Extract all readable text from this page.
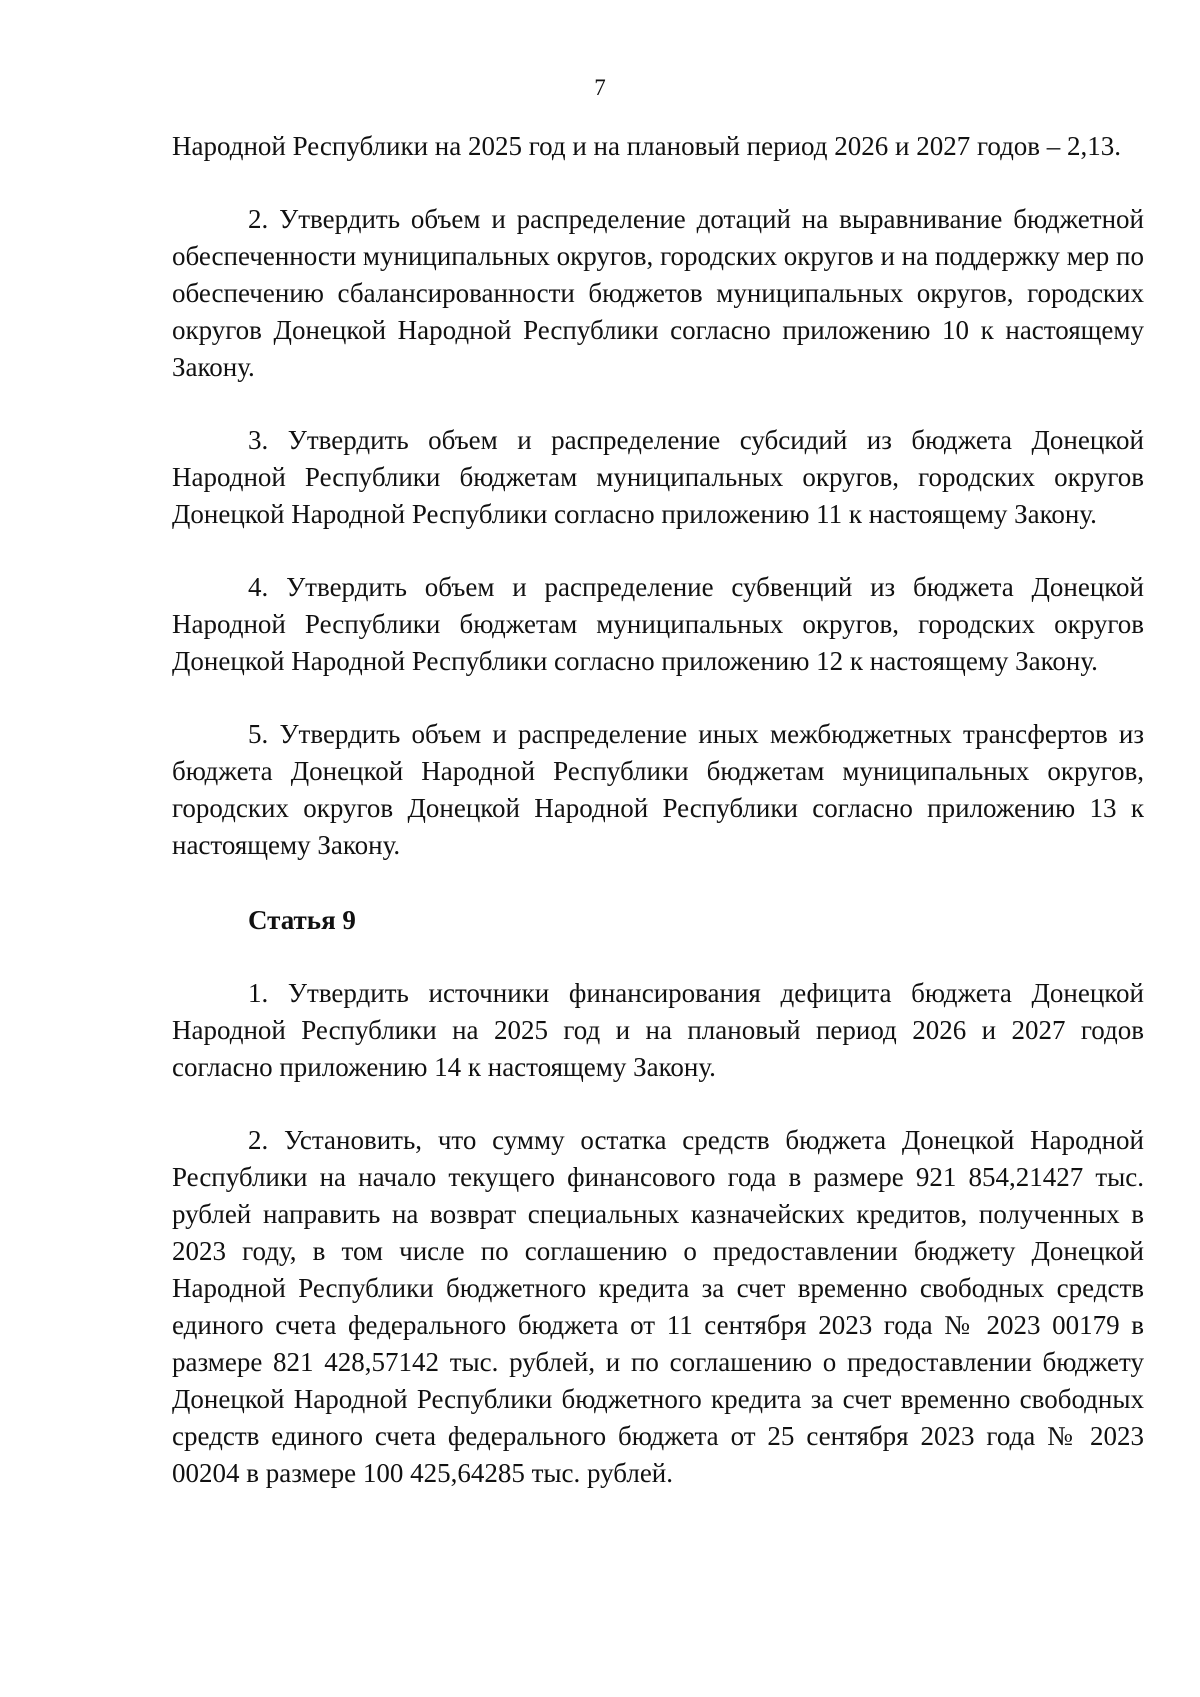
7

Народной Республики на 2025 год и на плановый период 2026 и 2027 годов – 2,13.

2. Утвердить объем и распределение дотаций на выравнивание бюджетной обеспеченности муниципальных округов, городских округов и на поддержку мер по обеспечению сбалансированности бюджетов муниципальных округов, городских округов Донецкой Народной Республики согласно приложению 10 к настоящему Закону.

3. Утвердить объем и распределение субсидий из бюджета Донецкой Народной Республики бюджетам муниципальных округов, городских округов Донецкой Народной Республики согласно приложению 11 к настоящему Закону.

4. Утвердить объем и распределение субвенций из бюджета Донецкой Народной Республики бюджетам муниципальных округов, городских округов Донецкой Народной Республики согласно приложению 12 к настоящему Закону.

5. Утвердить объем и распределение иных межбюджетных трансфертов из бюджета Донецкой Народной Республики бюджетам муниципальных округов, городских округов Донецкой Народной Республики согласно приложению 13 к настоящему Закону.

Статья 9

1. Утвердить источники финансирования дефицита бюджета Донецкой Народной Республики на 2025 год и на плановый период 2026 и 2027 годов согласно приложению 14 к настоящему Закону.

2. Установить, что сумму остатка средств бюджета Донецкой Народной Республики на начало текущего финансового года в размере 921 854,21427 тыс. рублей направить на возврат специальных казначейских кредитов, полученных в 2023 году, в том числе по соглашению о предоставлении бюджету Донецкой Народной Республики бюджетного кредита за счет временно свободных средств единого счета федерального бюджета от 11 сентября 2023 года № 2023 00179 в размере 821 428,57142 тыс. рублей, и по соглашению о предоставлении бюджету Донецкой Народной Республики бюджетного кредита за счет временно свободных средств единого счета федерального бюджета от 25 сентября 2023 года № 2023 00204 в размере 100 425,64285 тыс. рублей.
